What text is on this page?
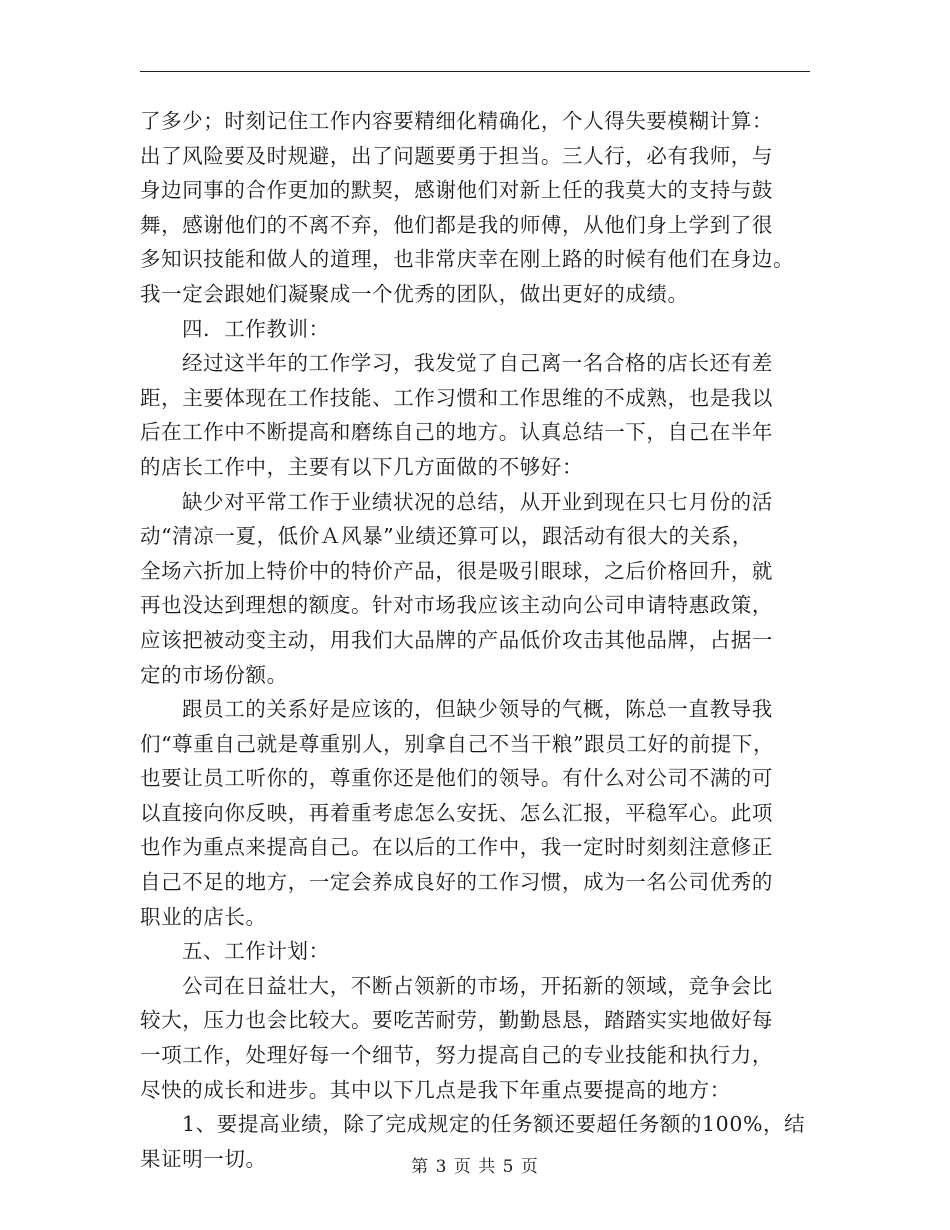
了多少；时刻记住工作内容要精细化精确化，个人得失要模糊计算：
出了风险要及时规避，出了问题要勇于担当。三人行，必有我师，与
身边同事的合作更加的默契，感谢他们对新上任的我莫大的支持与鼓
舞，感谢他们的不离不弃，他们都是我的师傅，从他们身上学到了很
多知识技能和做人的道理，也非常庆幸在刚上路的时候有他们在身边。
我一定会跟她们凝聚成一个优秀的团队，做出更好的成绩。
四．工作教训：
经过这半年的工作学习，我发觉了自己离一名合格的店长还有差
距，主要体现在工作技能、工作习惯和工作思维的不成熟，也是我以
后在工作中不断提高和磨练自己的地方。认真总结一下，自己在半年
的店长工作中，主要有以下几方面做的不够好：
缺少对平常工作于业绩状况的总结，从开业到现在只七月份的活
动“清凉一夏，低价Ａ风暴”业绩还算可以，跟活动有很大的关系，
全场六折加上特价中的特价产品，很是吸引眼球，之后价格回升，就
再也没达到理想的额度。针对市场我应该主动向公司申请特惠政策，
应该把被动变主动，用我们大品牌的产品低价攻击其他品牌，占据一
定的市场份额。
跟员工的关系好是应该的，但缺少领导的气概，陈总一直教导我
们“尊重自己就是尊重别人，别拿自己不当干粮”跟员工好的前提下，
也要让员工听你的，尊重你还是他们的领导。有什么对公司不满的可
以直接向你反映，再着重考虑怎么安抚、怎么汇报，平稳军心。此项
也作为重点来提高自己。在以后的工作中，我一定时时刻刻注意修正
自己不足的地方，一定会养成良好的工作习惯，成为一名公司优秀的
职业的店长。
五、工作计划：
公司在日益壮大，不断占领新的市场，开拓新的领域，竞争会比
较大，压力也会比较大。要吃苦耐劳，勤勤恳恳，踏踏实实地做好每
一项工作，处理好每一个细节，努力提高自己的专业技能和执行力，
尽快的成长和进步。其中以下几点是我下年重点要提高的地方：
1、要提高业绩，除了完成规定的任务额还要超任务额的100%，结
果证明一切。	第 3 页 共 5 页
